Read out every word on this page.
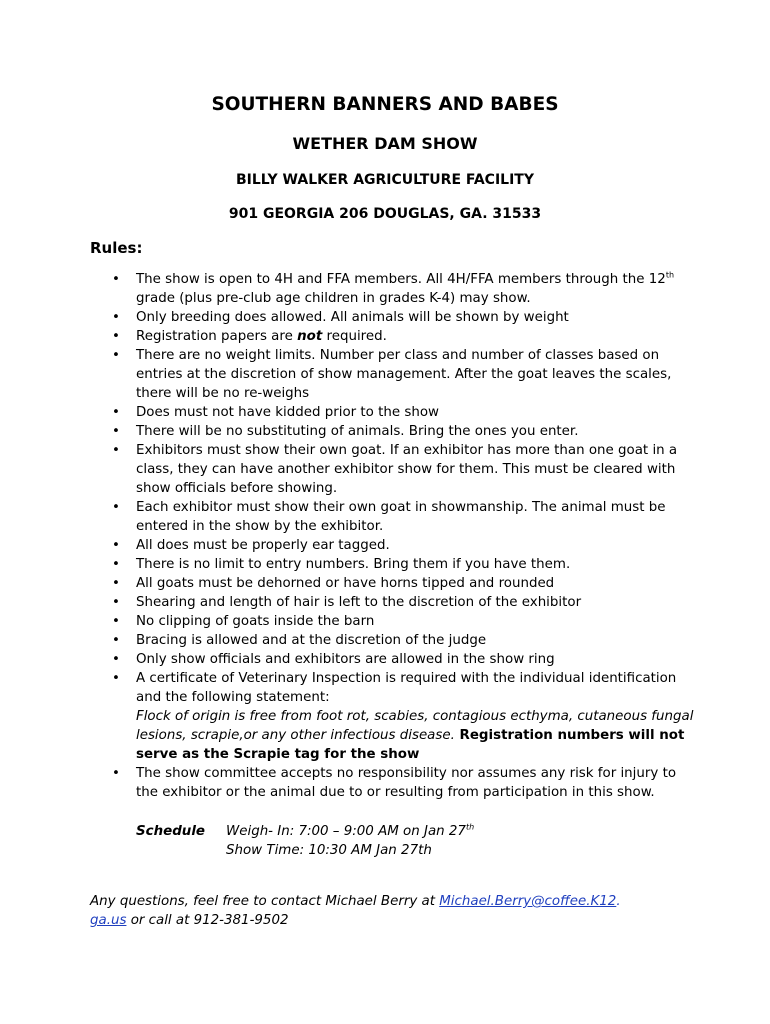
SOUTHERN BANNERS AND BABES
WETHER DAM SHOW
BILLY WALKER AGRICULTURE FACILITY
901 GEORGIA 206 DOUGLAS, GA. 31533
Rules:
• The show is open to 4H and FFA members. All 4H/FFA members through the 12th grade (plus pre-club age children in grades K-4) may show.
• Only breeding does allowed. All animals will be shown by weight
• Registration papers are not required.
• There are no weight limits. Number per class and number of classes based on entries at the discretion of show management. After the goat leaves the scales, there will be no re-weighs
• Does must not have kidded prior to the show
• There will be no substituting of animals. Bring the ones you enter.
• Exhibitors must show their own goat. If an exhibitor has more than one goat in a class, they can have another exhibitor show for them. This must be cleared with show officials before showing.
• Each exhibitor must show their own goat in showmanship. The animal must be entered in the show by the exhibitor.
• All does must be properly ear tagged.
• There is no limit to entry numbers. Bring them if you have them.
• All goats must be dehorned or have horns tipped and rounded
• Shearing and length of hair is left to the discretion of the exhibitor
• No clipping of goats inside the barn
• Bracing is allowed and at the discretion of the judge
• Only show officials and exhibitors are allowed in the show ring
• A certificate of Veterinary Inspection is required with the individual identification and the following statement:
Flock of origin is free from foot rot, scabies, contagious ecthyma, cutaneous fungal lesions, scrapie,or any other infectious disease. Registration numbers will not serve as the Scrapie tag for the show
• The show committee accepts no responsibility nor assumes any risk for injury to the exhibitor or the animal due to or resulting from participation in this show.
Schedule Weigh- In: 7:00 – 9:00 AM on Jan 27th
Show Time: 10:30 AM Jan 27th
Any questions, feel free to contact Michael Berry at Michael.Berry@coffee.K12.
ga.us or call at 912-381-9502
